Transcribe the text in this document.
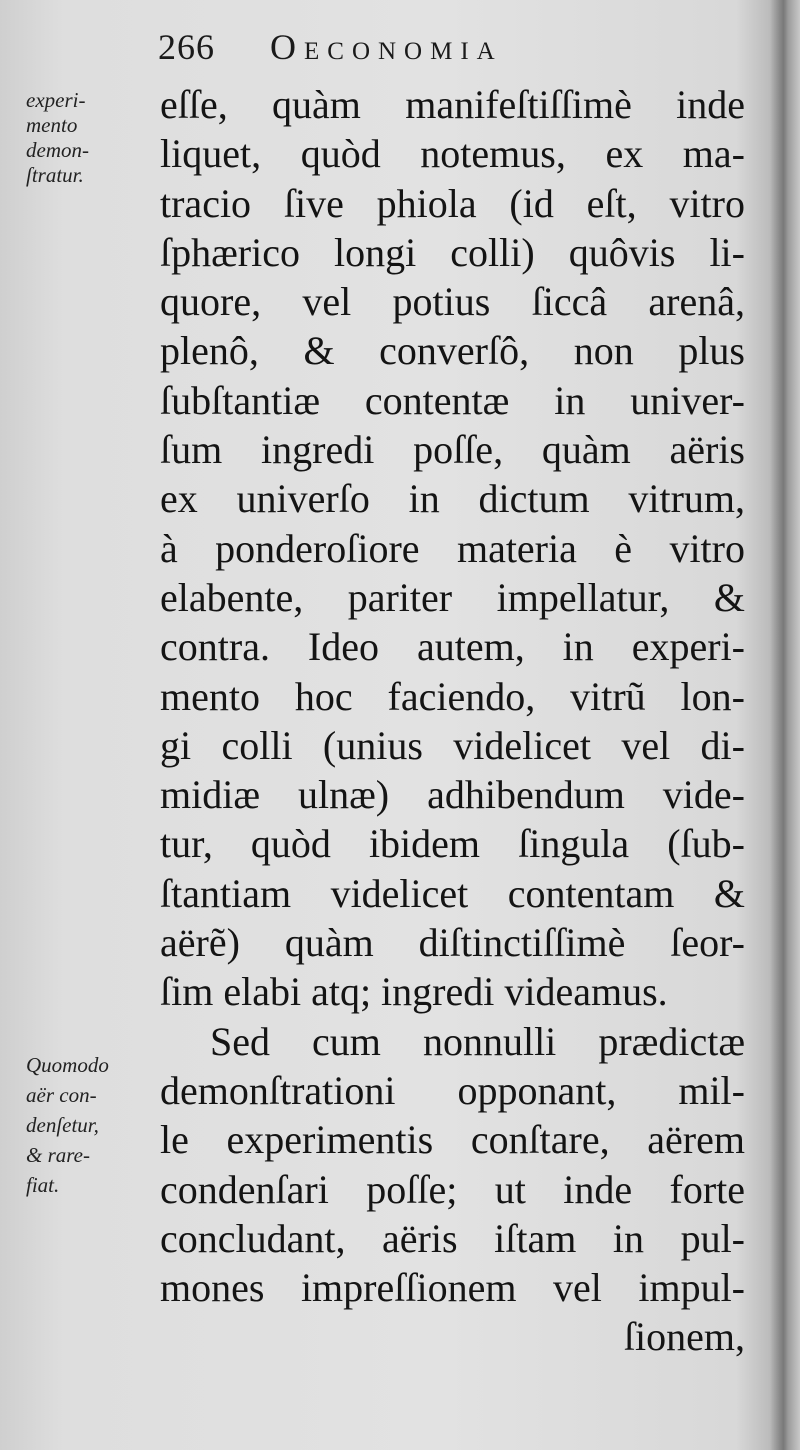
266 Oeconomia
experi-
mento
demon-
ſtratur.
Quomodo
aër con-
denſetur,
& rare-
fiat.
eſſe, quàm manifeſtiſſimè inde
liquet, quòd notemus, ex ma-
tracio ſive phiola (id eſt, vitro
ſphærico longi colli) quôvis li-
quore, vel potius ſiccâ arenâ,
plenô, & converſô, non plus
ſubſtantiæ contentæ in univer-
ſum ingredi poſſe, quàm aëris
ex univerſo in dictum vitrum,
à ponderoſiore materia è vitro
elabente, pariter impellatur, &
contra. Ideo autem, in experi-
mento hoc faciendo, vitrũ lon-
gi colli (unius videlicet vel di-
midiæ ulnæ) adhibendum vide-
tur, quòd ibidem ſingula (ſub-
ſtantiam videlicet contentam &
aërẽ) quàm diſtinctiſſimè ſeor-
ſim elabi atq; ingredi videamus.
Sed cum nonnulli prædictæ
demonſtrationi opponant, mil-
le experimentis conſtare, aërem
condenſari poſſe; ut inde forte
concludant, aëris iſtam in pul-
mones impreſſionem vel impul-
ſionem,
